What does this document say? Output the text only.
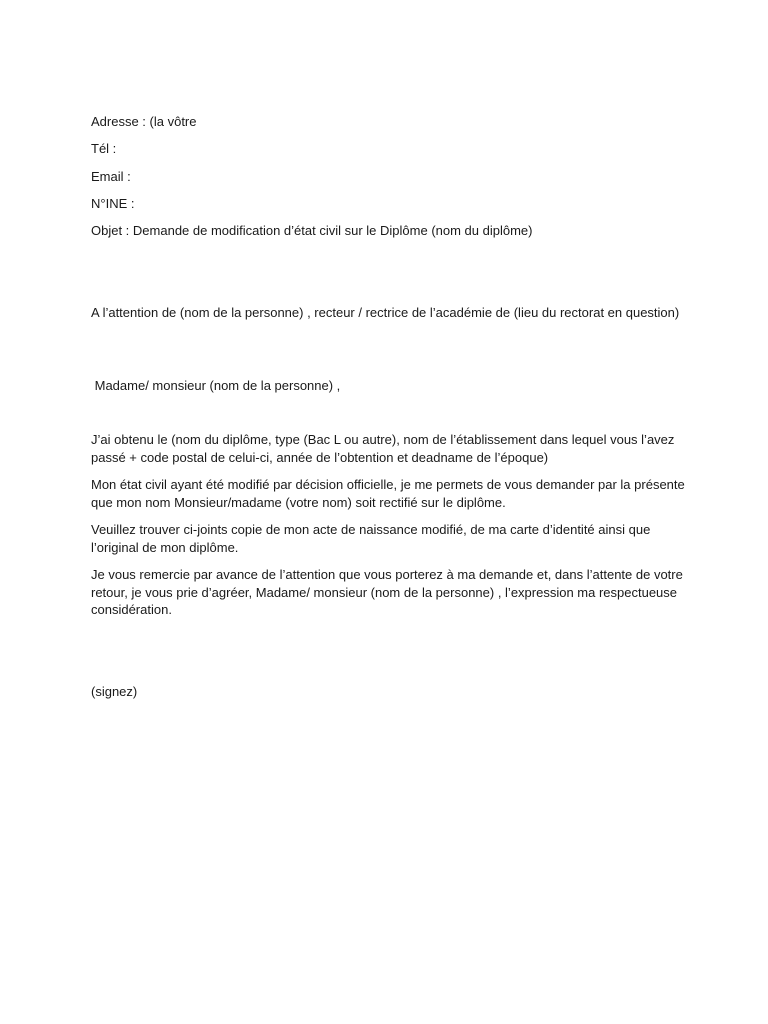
Adresse : (la vôtre
Tél :
Email :
N°INE :
Objet : Demande de modification d’état civil sur le Diplôme (nom du diplôme)
A l’attention de (nom de la personne) , recteur / rectrice de l’académie de (lieu du rectorat en question)
Madame/ monsieur (nom de la personne) ,
J’ai obtenu le (nom du diplôme, type (Bac L ou autre), nom de l’établissement dans lequel vous l’avez passé + code postal de celui-ci, année de l’obtention et deadname de l’époque)
Mon état civil ayant été modifié par décision officielle, je me permets de vous demander par la présente que mon nom Monsieur/madame (votre nom) soit rectifié sur le diplôme.
Veuillez trouver ci-joints copie de mon acte de naissance modifié, de ma carte d’identité ainsi que l’original de mon diplôme.
Je vous remercie par avance de l’attention que vous porterez à ma demande et, dans l’attente de votre retour, je vous prie d’agréer, Madame/ monsieur (nom de la personne) , l’expression ma respectueuse considération.
(signez)
